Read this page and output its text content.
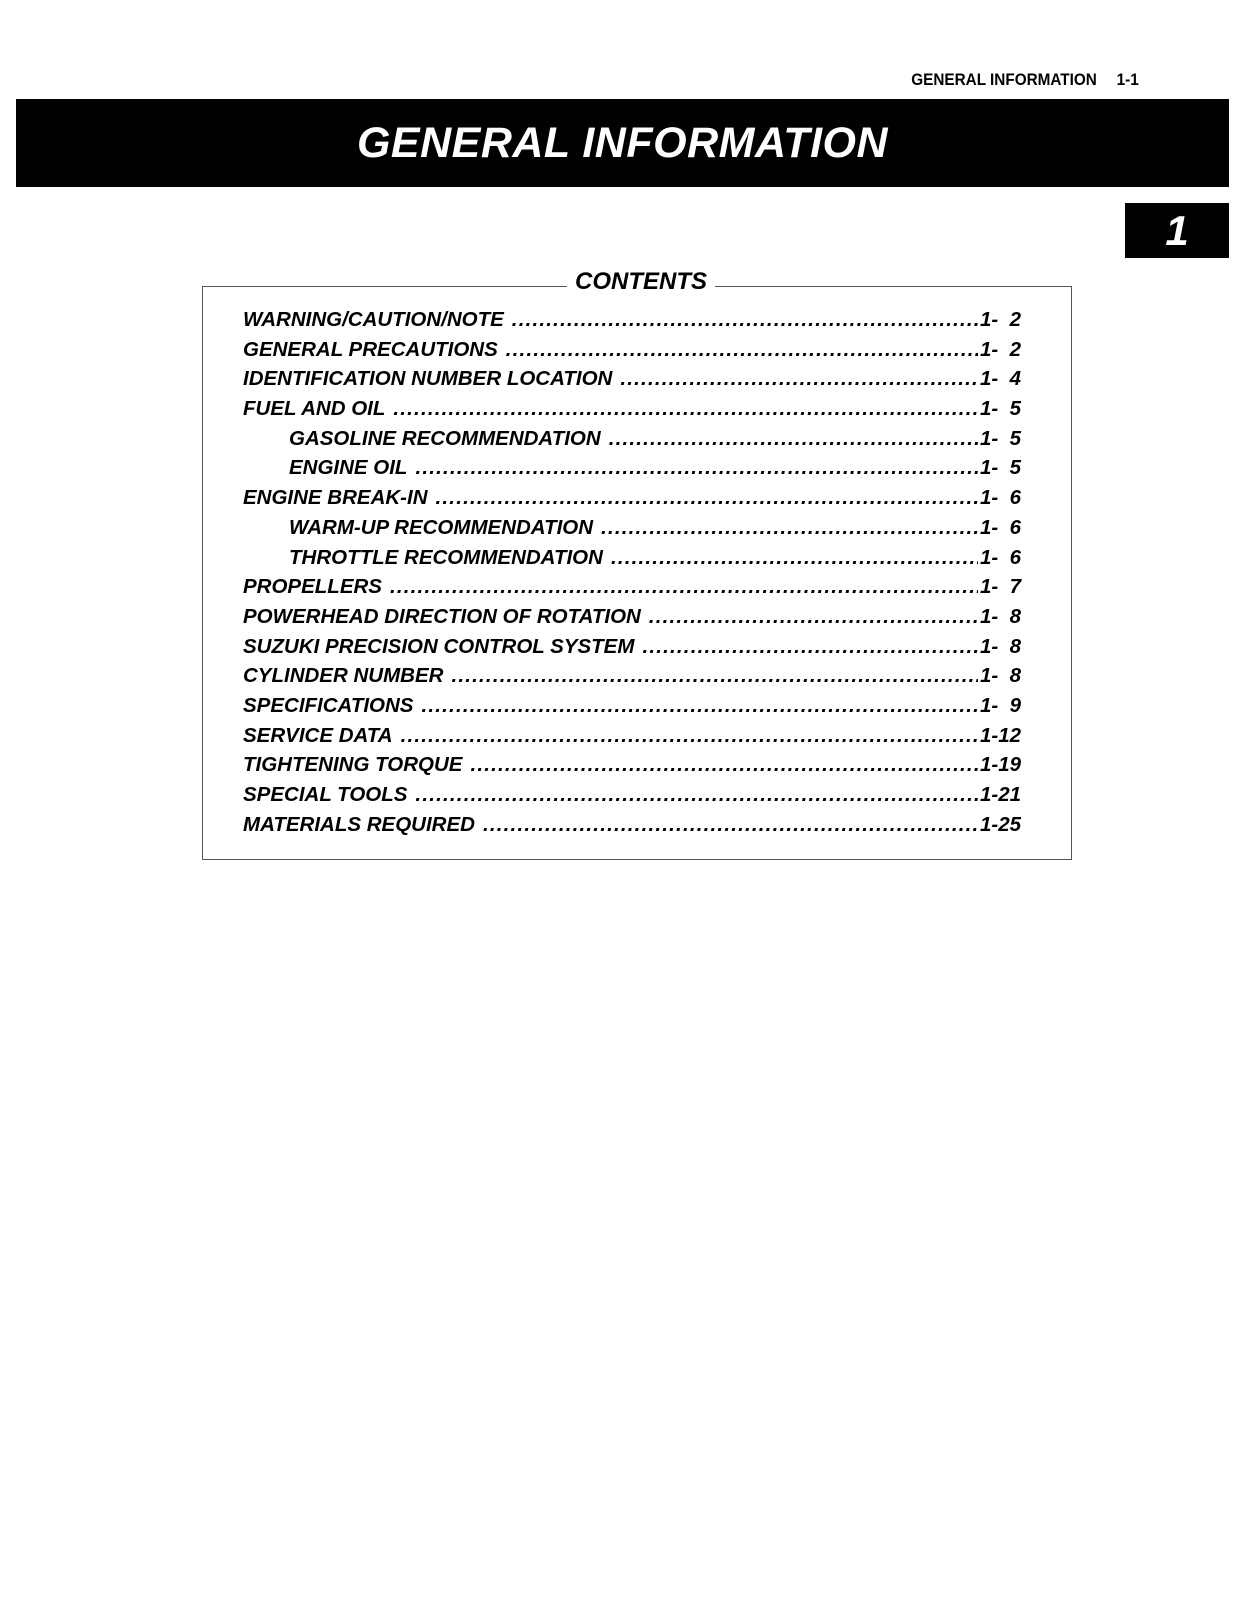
GENERAL INFORMATION 1-1
GENERAL INFORMATION
1
CONTENTS
WARNING/CAUTION/NOTE .....	1-  2
GENERAL PRECAUTIONS .....	1-  2
IDENTIFICATION NUMBER LOCATION .....	1-  4
FUEL AND OIL .....	1-  5
GASOLINE RECOMMENDATION .....	1-  5
ENGINE OIL .....	1-  5
ENGINE BREAK-IN .....	1-  6
WARM-UP RECOMMENDATION .....	1-  6
THROTTLE RECOMMENDATION .....	1-  6
PROPELLERS .....	1-  7
POWERHEAD DIRECTION OF ROTATION .....	1-  8
SUZUKI PRECISION CONTROL SYSTEM .....	1-  8
CYLINDER NUMBER .....	1-  8
SPECIFICATIONS .....	1-  9
SERVICE DATA .....	1-12
TIGHTENING TORQUE .....	1-19
SPECIAL TOOLS .....	1-21
MATERIALS REQUIRED .....	1-25
